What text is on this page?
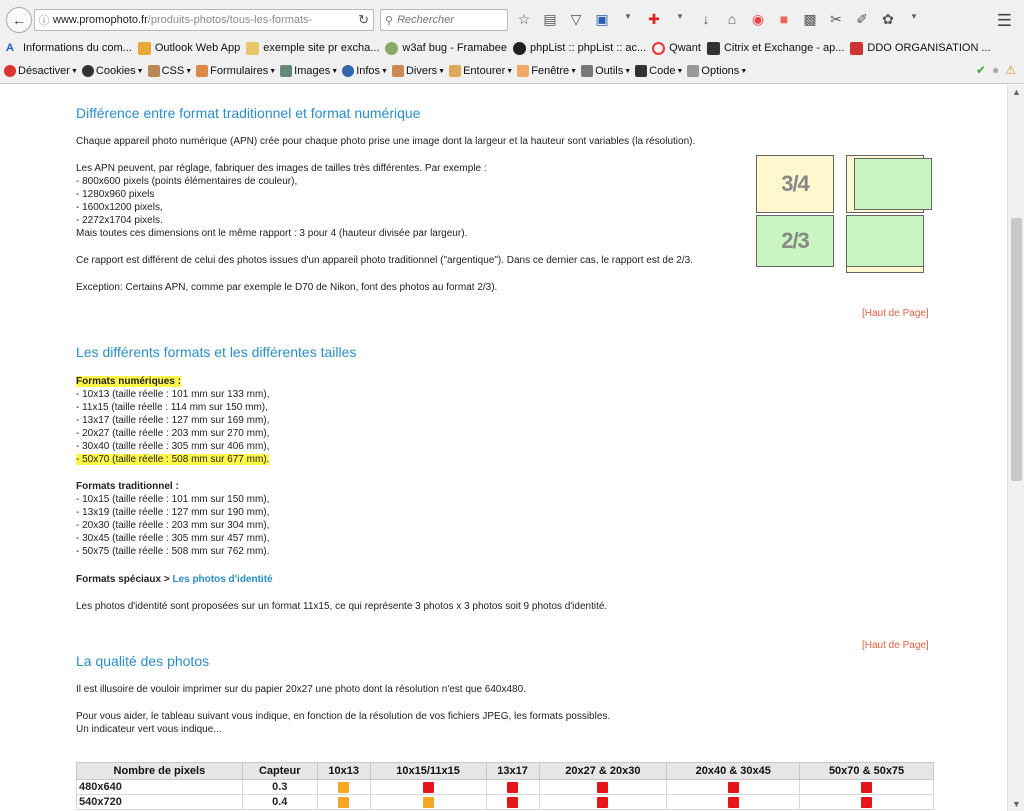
←	ⓘ www.promophoto.fr /produits-photos/tous-les-formats-	↻ ⚲ Rechercher	☆ ▤ ▽ ▣	▾	✚	▾	↓	⌂ ◉ ■ ▩ ✂ ✐ ✿	▾	☰
A Informations du com... Outlook Web App exemple site pr excha... w3af bug - Framabee phpList :: phpList :: ac... Qwant Citrix et Exchange - ap... DDO ORGANISATION ...
Désactiver ▼ Cookies ▼ CSS ▼ Formulaires ▼ Images ▼ Infos ▼ Divers ▼ Entourer ▼ Fenêtre ▼ Outils ▼ Code ▼ Options ▼	✔ ● ⚠
Différence entre format traditionnel et format numérique
Chaque appareil photo numérique (APN) crée pour chaque photo prise une image dont la largeur et la hauteur sont variables (la résolution).
Les APN peuvent, par réglage, fabriquer des images de tailles très différentes. Par exemple :
- 800x600 pixels (points élémentaires de couleur),
- 1280x960 pixels
- 1600x1200 pixels,
- 2272x1704 pixels.
Mais toutes ces dimensions ont le même rapport : 3 pour 4 (hauteur divisée par largeur).
Ce rapport est différent de celui des photos issues d'un appareil photo traditionnel ("argentique"). Dans ce dernier cas, le rapport est de 2/3.
Exception: Certains APN, comme par exemple le D70 de Nikon, font des photos au format 2/3).
[Haut de Page]
3/4
2/3
Les différents formats et les différentes tailles
Formats numériques :
- 10x13 (taille réelle : 101 mm sur 133 mm),
- 11x15 (taille réelle : 114 mm sur 150 mm),
- 13x17 (taille réelle : 127 mm sur 169 mm),
- 20x27 (taille réelle : 203 mm sur 270 mm),
- 30x40 (taille réelle : 305 mm sur 406 mm),
- 50x70 (taille réelle : 508 mm sur 677 mm).
Formats traditionnel :
- 10x15 (taille réelle : 101 mm sur 150 mm),
- 13x19 (taille réelle : 127 mm sur 190 mm),
- 20x30 (taille réelle : 203 mm sur 304 mm),
- 30x45 (taille réelle : 305 mm sur 457 mm),
- 50x75 (taille réelle : 508 mm sur 762 mm).
Formats spéciaux > Les photos d'identité
Les photos d'identité sont proposées sur un format 11x15, ce qui représente 3 photos x 3 photos soit 9 photos d'identité.
[Haut de Page]
La qualité des photos
Il est illusoire de vouloir imprimer sur du papier 20x27 une photo dont la résolution n'est que 640x480.
Pour vous aider, le tableau suivant vous indique, en fonction de la résolution de vos fichiers JPEG, les formats possibles.
Un indicateur vert vous indique...
▲
▼
Nombre de pixels	Capteur	10x13	10x15/11x15	13x17	20x27 & 20x30	20x40 & 30x45	50x70 & 50x75
480x640	0.3						
540x720	0.4						
